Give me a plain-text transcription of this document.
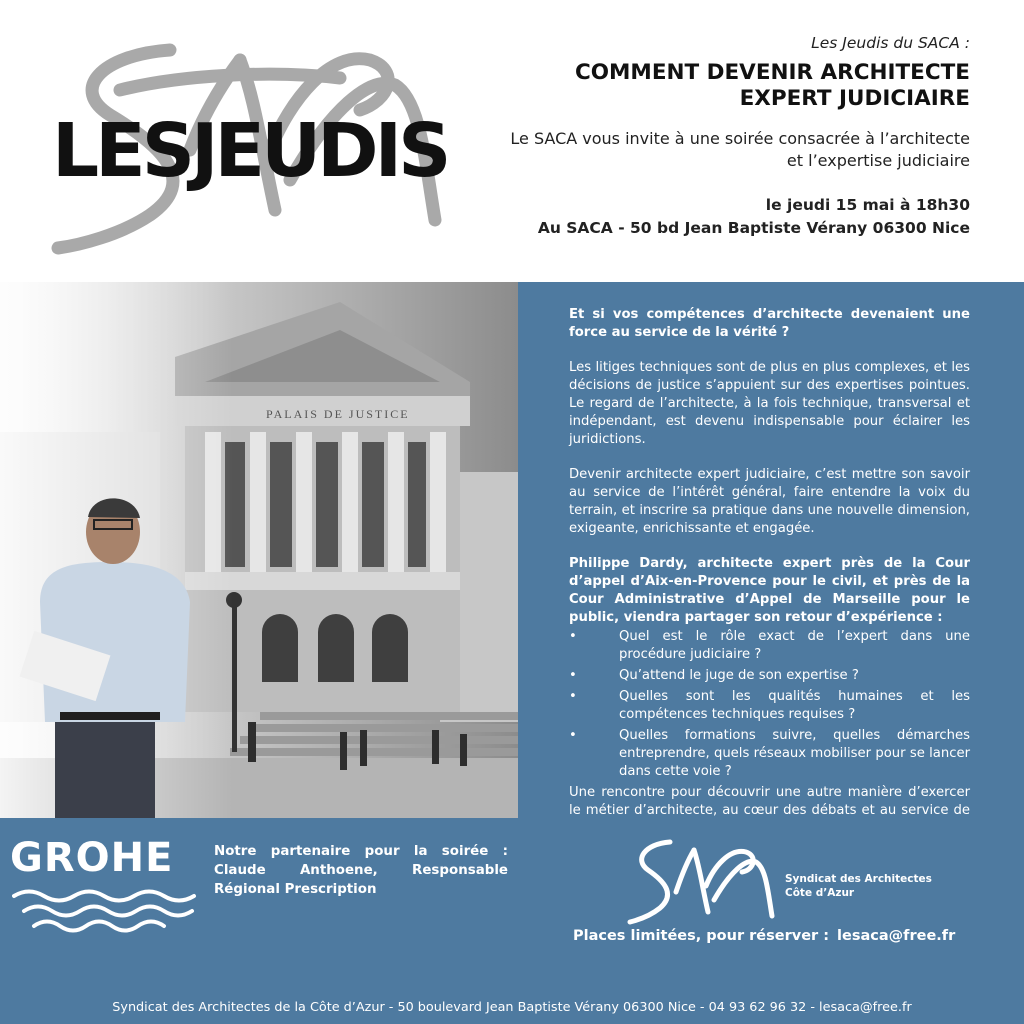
LESJEUDIS
Les Jeudis du SACA :
COMMENT DEVENIR ARCHITECTE
EXPERT JUDICIAIRE
Le SACA vous invite à une soirée consacrée à l’architecte
et l’expertise judiciaire
le jeudi 15 mai à 18h30
Au SACA - 50 bd Jean Baptiste Vérany 06300 Nice

Et si vos compétences d’architecte devenaient une force au service de la vérité ?

Les litiges techniques sont de plus en plus complexes, et les décisions de justice s’appuient sur des expertises pointues. Le regard de l’architecte, à la fois technique, transversal et indépendant, est devenu indispensable pour éclairer les juridictions.

Devenir architecte expert judiciaire, c’est mettre son savoir au service de l’intérêt général, faire entendre la voix du terrain, et inscrire sa pratique dans une nouvelle dimension, exigeante, enrichissante et engagée.

Philippe Dardy, architecte expert près de la Cour d’appel d’Aix-en-Provence pour le civil, et près de la Cour Administrative d’Appel de Marseille pour le public, viendra partager son retour d’expérience :

• Quel est le rôle exact de l’expert dans une procédure judiciaire ?
• Qu’attend le juge de son expertise ?
• Quelles sont les qualités humaines et les compétences techniques requises ?
• Quelles formations suivre, quelles démarches entreprendre, quels réseaux mobiliser pour se lancer dans cette voie ?

Une rencontre pour découvrir une autre manière d’exercer le métier d’architecte, au cœur des débats et au service de

GROHE	Notre partenaire pour la soirée : Claude Anthoene, Responsable Régional Prescription
Syndicat des Architectes
Côte d’Azur
Places limitées, pour réserver : lesaca@free.fr
Syndicat des Architectes de la Côte d’Azur - 50 boulevard Jean Baptiste Vérany 06300 Nice - 04 93 62 96 32 - lesaca@free.fr
